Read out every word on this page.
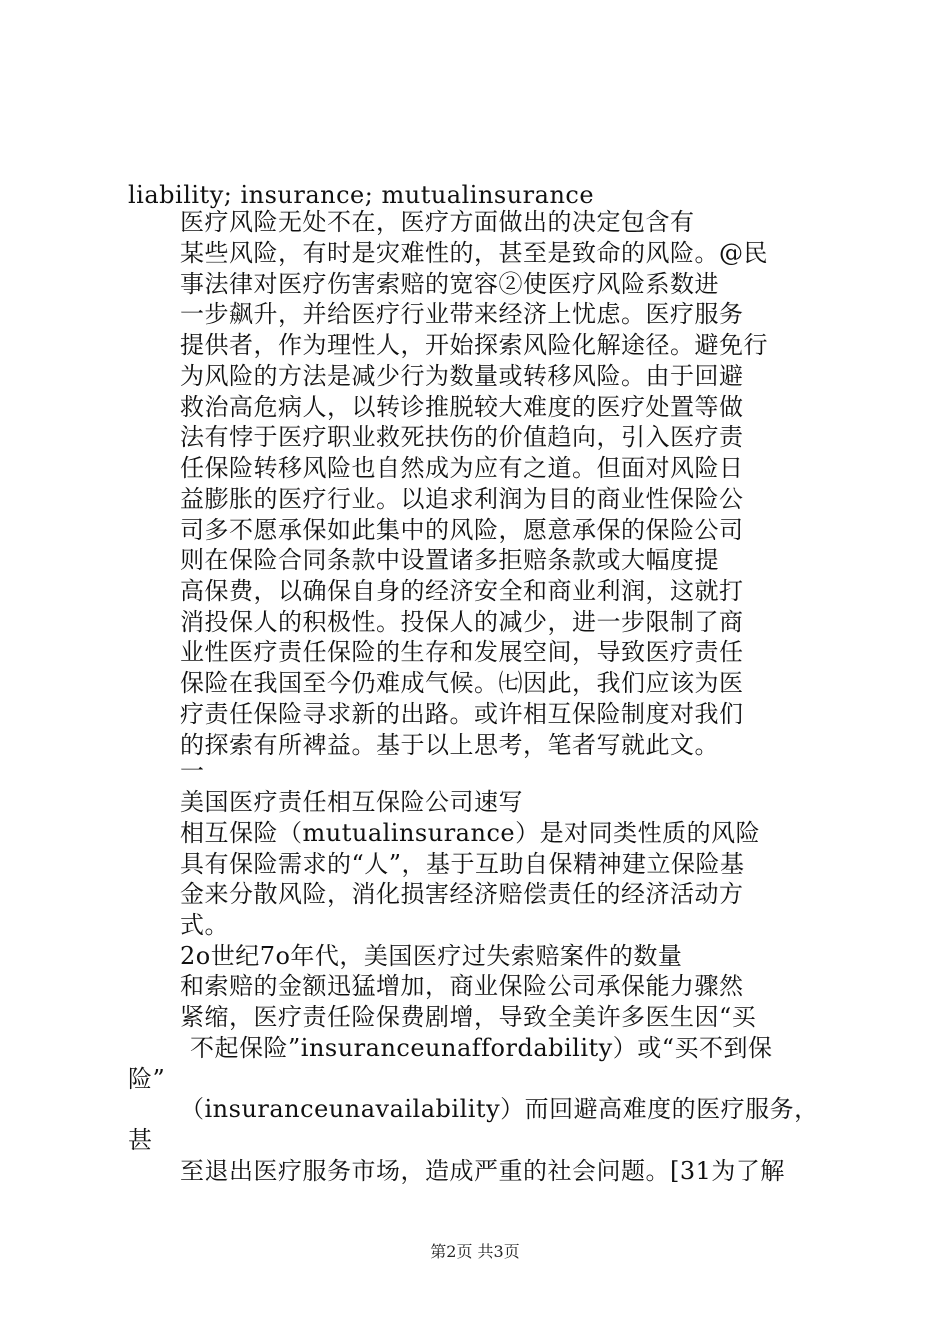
liability; insurance; mutualinsurance
医疗风险无处不在，医疗方面做出的决定包含有
某些风险，有时是灾难性的，甚至是致命的风险。@民
事法律对医疗伤害索赔的宽容②使医疗风险系数进
一步飙升，并给医疗行业带来经济上忧虑。医疗服务
提供者，作为理性人，开始探索风险化解途径。避免行
为风险的方法是减少行为数量或转移风险。由于回避
救治高危病人，以转诊推脱较大难度的医疗处置等做
法有悖于医疗职业救死扶伤的价值趋向，引入医疗责
任保险转移风险也自然成为应有之道。但面对风险日
益膨胀的医疗行业。以追求利润为目的商业性保险公
司多不愿承保如此集中的风险，愿意承保的保险公司
则在保险合同条款中设置诸多拒赔条款或大幅度提
高保费，以确保自身的经济安全和商业利润，这就打
消投保人的积极性。投保人的减少，进一步限制了商
业性医疗责任保险的生存和发展空间，导致医疗责任
保险在我国至今仍难成气候。㈦因此，我们应该为医
疗责任保险寻求新的出路。或许相互保险制度对我们
的探索有所裨益。基于以上思考，笔者写就此文。
一
美国医疗责任相互保险公司速写
相互保险（mutualinsurance）是对同类性质的风险
具有保险需求的“人”，基于互助自保精神建立保险基
金来分散风险，消化损害经济赔偿责任的经济活动方
式。
2o世纪7o年代，美国医疗过失索赔案件的数量
和索赔的金额迅猛增加，商业保险公司承保能力骤然
紧缩，医疗责任险保费剧增，导致全美许多医生因“买
不起保险”insuranceunaffordability）或“买不到保
险”
（insuranceunavailability）而回避高难度的医疗服务，
甚
至退出医疗服务市场，造成严重的社会问题。[31为了解
第2页 共3页
